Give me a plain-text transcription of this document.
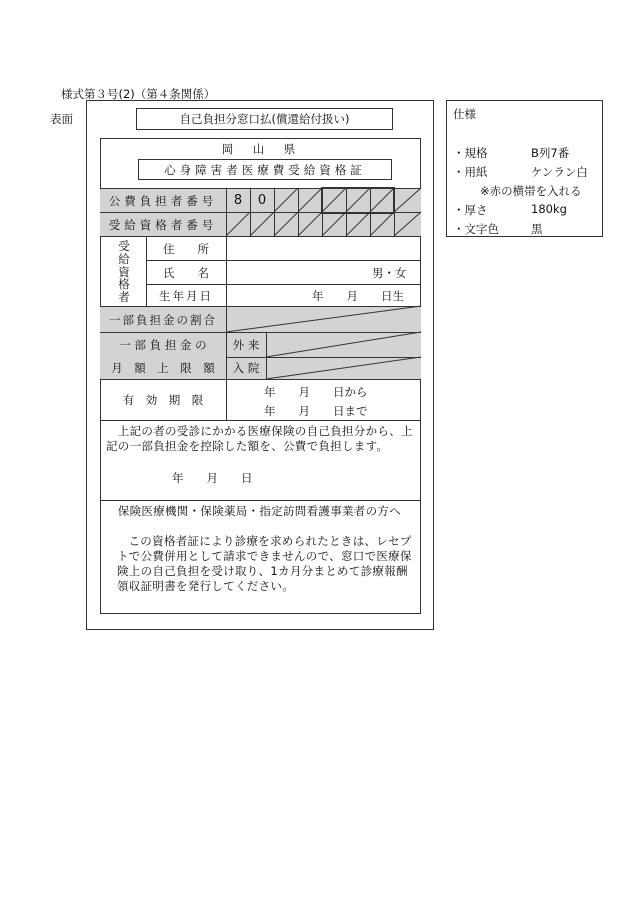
様式第３号(2)（第４条関係）
表面	仕様
・規格	B列7番
・用紙	ケンラン白
※赤の横帯を入れる
・厚さ	180kg
・文字色	黒
自己負担分窓口払(償還給付扱い)
岡　山　県
心身障害者医療費受給資格証
公費負担者番号	8	0
受給資格者番号
受給資格者
住　　所
氏　　名	男・女
生年月日	年　　月　　日生
一部負担金の割合
一 部 負 担 金 の
月　額　上　限　額
外 来
入 院
有　効　期　限
年　　月　　日から
年　　月　　日まで
　上記の者の受診にかかる医療保険の自己負担分から、上記の一部負担金を控除した額を、公費で負担します。
年　　月　　日
　保険医療機関・保険薬局・指定訪問看護事業者の方へ
この資格者証により診療を求められたときは、レセプトで公費併用として請求できませんので、窓口で医療保険上の自己負担を受け取り、1カ月分まとめて診療報酬領収証明書を発行してください。
